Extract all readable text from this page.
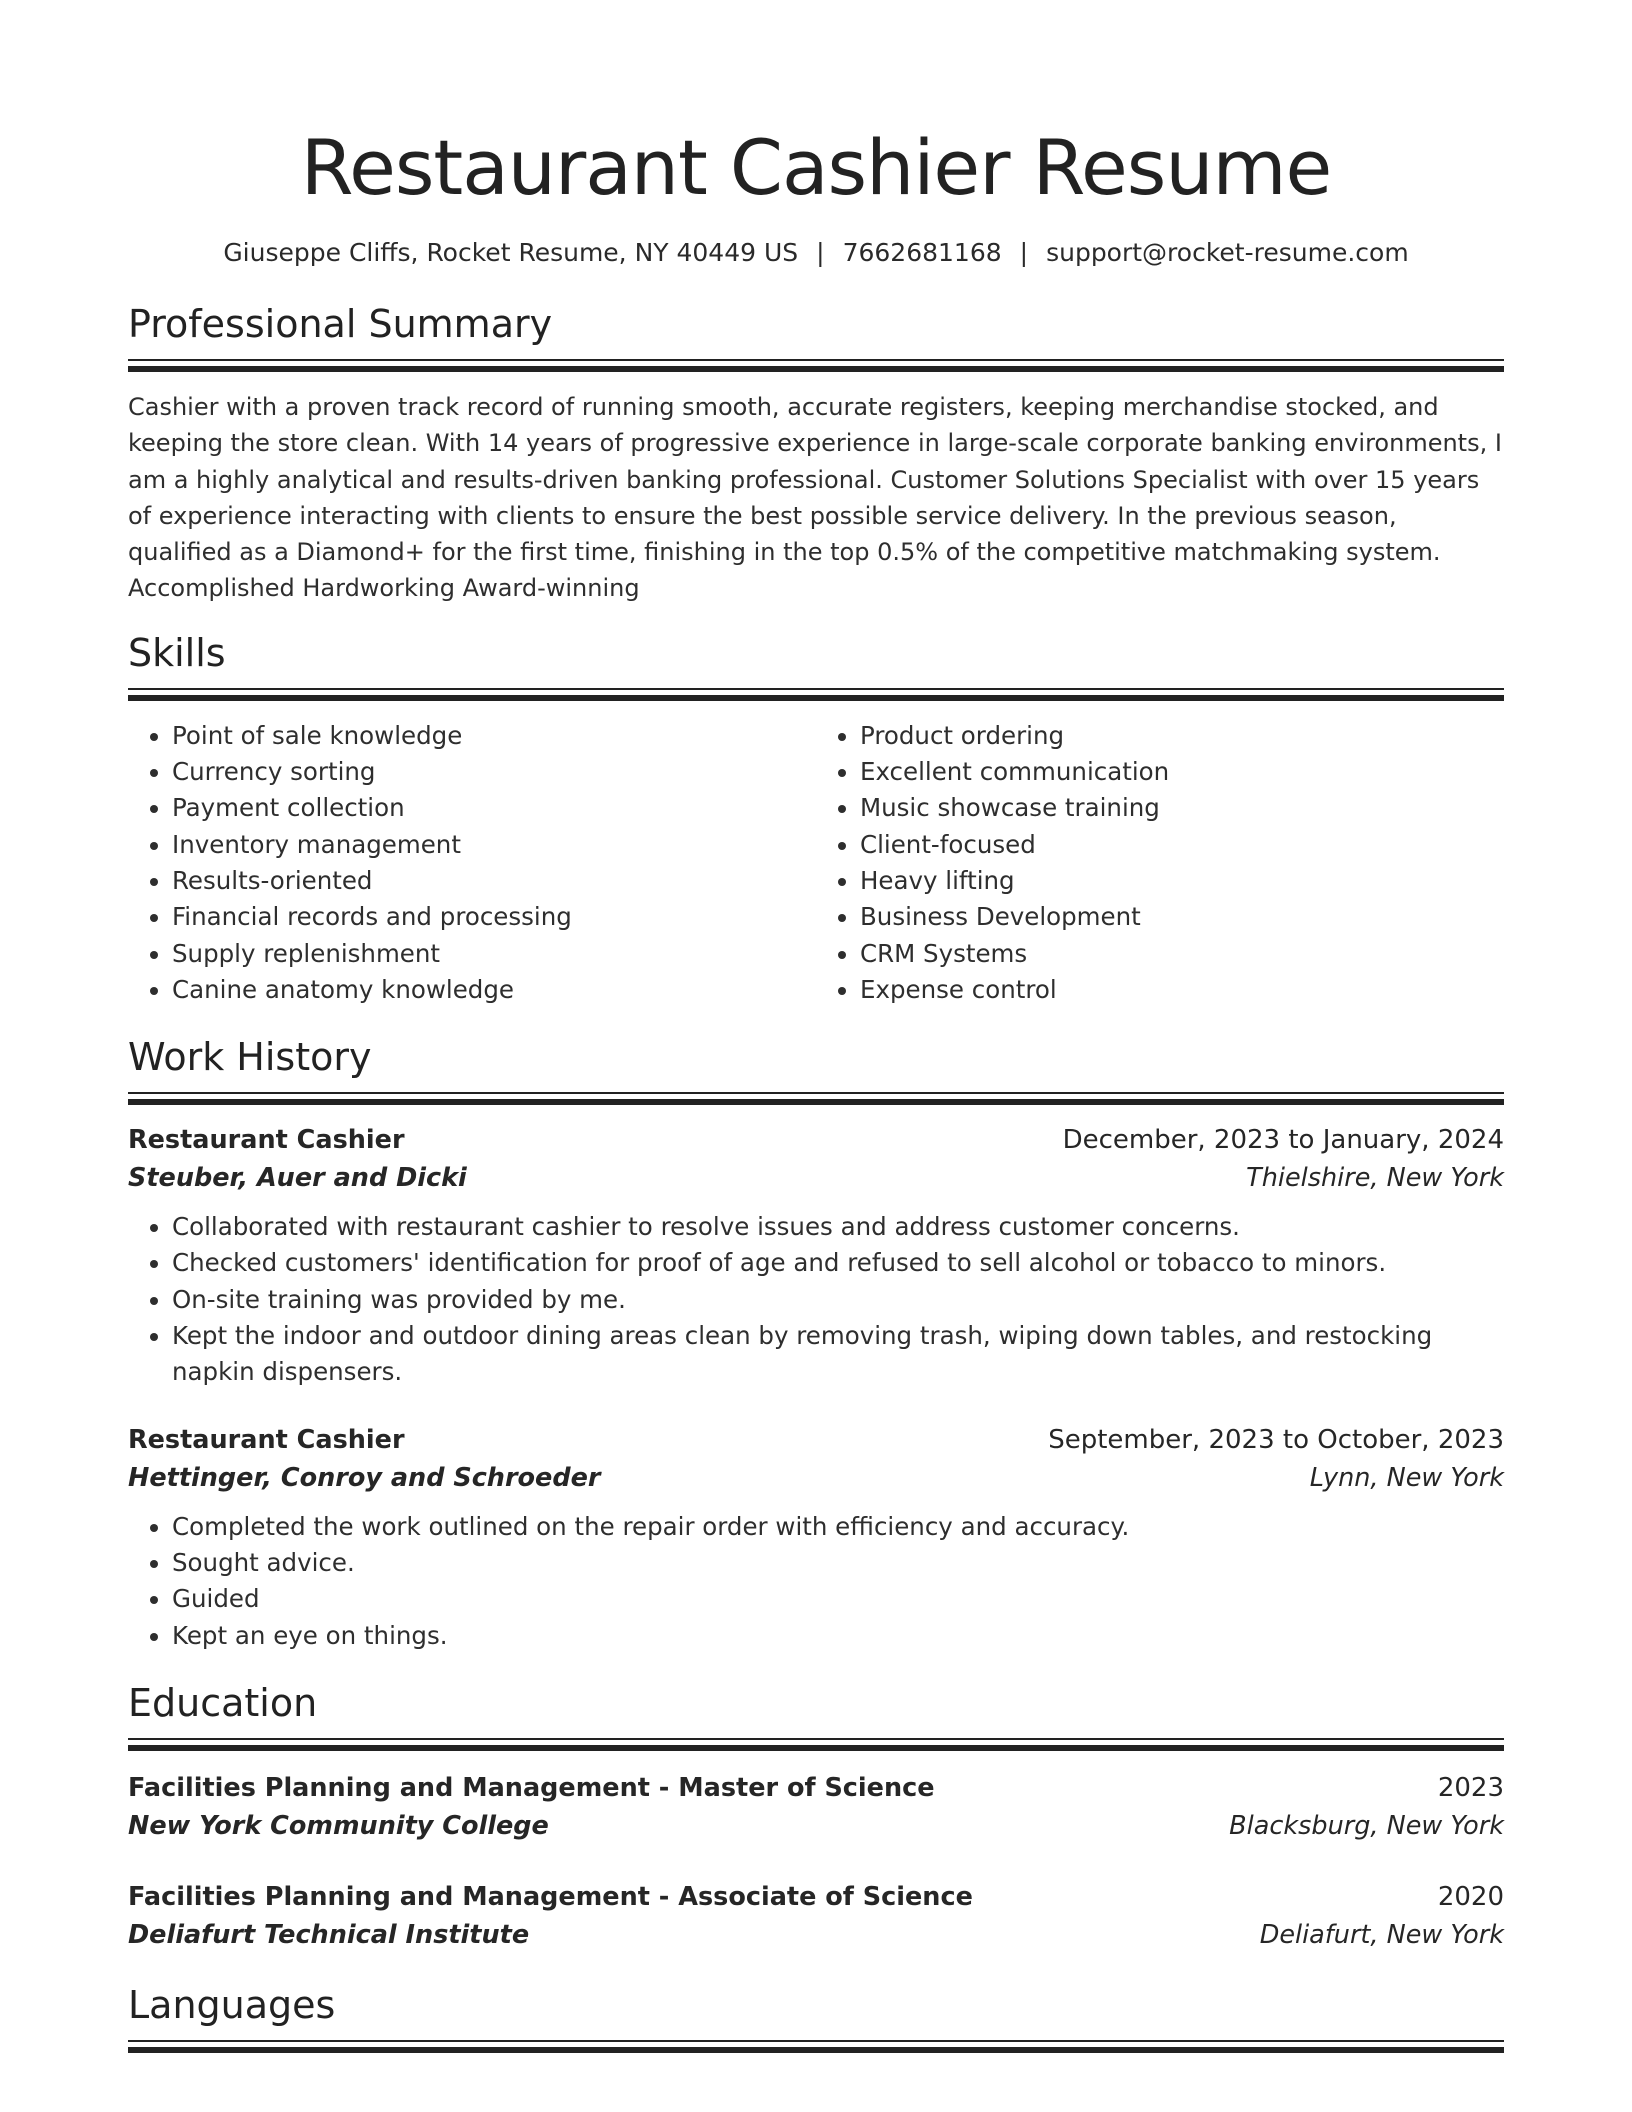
Restaurant Cashier Resume
Giuseppe Cliffs, Rocket Resume, NY 40449 US | 7662681168 | support@rocket-resume.com
Professional Summary

Cashier with a proven track record of running smooth, accurate registers, keeping merchandise stocked, and keeping the store clean. With 14 years of progressive experience in large-scale corporate banking environments, I am a highly analytical and results-driven banking professional. Customer Solutions Specialist with over 15 years of experience interacting with clients to ensure the best possible service delivery. In the previous season, qualified as a Diamond+ for the first time, finishing in the top 0.5% of the competitive matchmaking system. Accomplished Hardworking Award-winning

Skills
• Point of sale knowledge
• Currency sorting
• Payment collection
• Inventory management
• Results-oriented
• Financial records and processing
• Supply replenishment
• Canine anatomy knowledge
• Product ordering
• Excellent communication
• Music showcase training
• Client-focused
• Heavy lifting
• Business Development
• CRM Systems
• Expense control
Work History
Restaurant Cashier	December, 2023 to January, 2024
Steuber, Auer and Dicki	Thielshire, New York
• Collaborated with restaurant cashier to resolve issues and address customer concerns.
• Checked customers' identification for proof of age and refused to sell alcohol or tobacco to minors.
• On-site training was provided by me.
• Kept the indoor and outdoor dining areas clean by removing trash, wiping down tables, and restocking napkin dispensers.
Restaurant Cashier	September, 2023 to October, 2023
Hettinger, Conroy and Schroeder	Lynn, New York
• Completed the work outlined on the repair order with efficiency and accuracy.
• Sought advice.
• Guided
• Kept an eye on things.
Education
Facilities Planning and Management - Master of Science	2023
New York Community College	Blacksburg, New York
Facilities Planning and Management - Associate of Science	2020
Deliafurt Technical Institute	Deliafurt, New York
Languages
